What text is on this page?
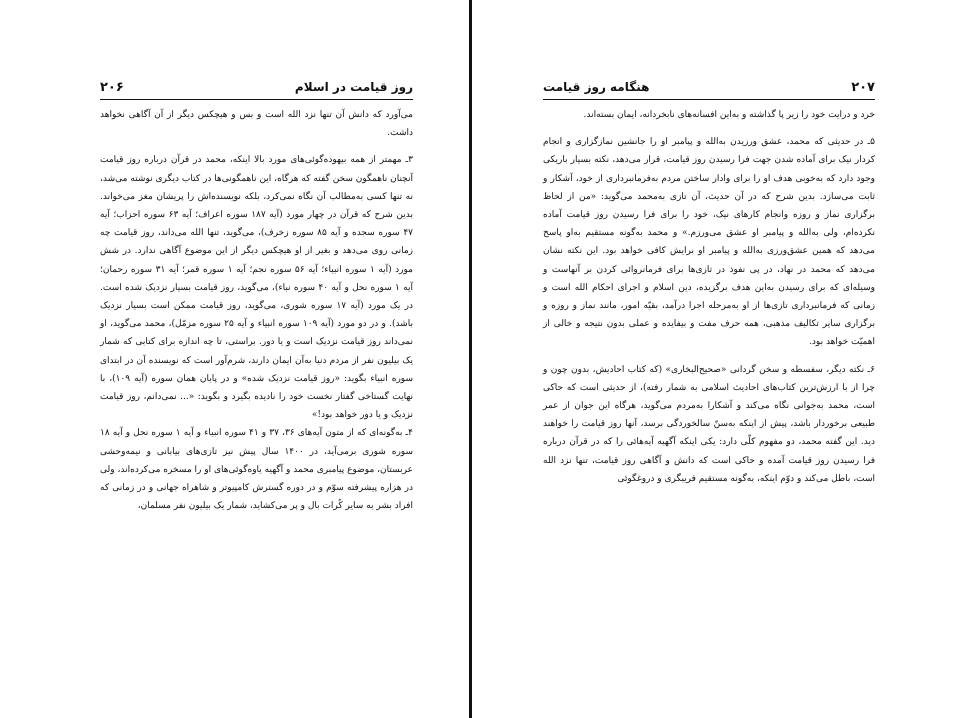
روز قیامت در اسلام
۲۰۶

می‌آورد که دانش آن تنها نزد الله است و بس و هیچکس دیگر از آن آگاهی نخواهد داشت.

۳ـ مهمتر از همه بیهوده‌گوئی‌های مورد بالا اینکه، محمد در قرآن درباره روز قیامت آنچنان ناهمگون سخن گفته که هرگاه، این ناهمگونی‌ها در کتاب دیگری نوشته می‌شد، نه تنها کسی به‌مطالب آن نگاه نمی‌کرد، بلکه نویسنده‌اش را پریشان مغز می‌خواند. بدین شرح که قرآن در چهار مورد (آیه ۱۸۷ سوره اعراف؛ آیه ۶۳ سوره احزاب؛ آیه ۴۷ سوره سجده و آیه ۸۵ سوره زخرف)، می‌گوید، تنها الله می‌داند، روز قیامت چه زمانی روی می‌دهد و بغیر از او هیچکس دیگر از این موضوع آگاهی ندارد. در شش مورد (آیه ۱ سوره انبیاء؛ آیه ۵۶ سوره نجم؛ آیه ۱ سوره قمر؛ آیه ۳۱ سوره رحمان؛ آیه ۱ سوره نحل و آیه ۴۰ سوره نباء)، می‌گوید، روز قیامت بسیار نزدیک شده است. در یک مورد (آیه ۱۷ سوره شوری، می‌گوید، روز قیامت ممکن است بسیار نزدیک باشد). و در دو مورد (آیه ۱۰۹ سوره انبیاء و آیه ۲۵ سوره مزمّل)، محمد می‌گوید، او نمی‌داند روز قیامت نزدیک است و یا دور. براستی، تا چه اندازه برای کتابی که شمار یک بیلیون نفر از مردم دنیا به‌آن ایمان دارند، شرم‌آور است که نویسنده آن در ابتدای سوره انبیاء بگوید: «روز قیامت نزدیک شده» و در پایان همان سوره (آیه ۱۰۹)، با نهایت گستاخی گفتار نخست خود را نادیده بگیرد و بگوید: «... نمی‌دانم، روز قیامت نزدیک و یا دور خواهد بود!»

۴ـ به‌گونه‌ای که از متون آیه‌های ۳۶، ۳۷ و ۴۱ سوره انبیاء و آیه ۱ سوره نحل و آیه ۱۸ سوره شوری برمی‌آید، در ۱۴۰۰ سال پیش نیز تازی‌های بیابانی و نیمه‌وحشی عربستان، موضوع پیامبری محمد و آگهیه یاوه‌گوئی‌های او را مسخره می‌کرده‌اند، ولی در هزاره پیشرفته سوّم و در دوره گسترش کامپیوتر و شاهراه جهانی و در زمانی که افراد بشر به سایر کُرات بال و پر می‌کشاید، شمار یک بیلیون نفر مسلمان،

۲۰۷
هنگامه روز قیامت

خرد و درایت خود را زیر پا گذاشته و به‌این افسانه‌های نابخردانه، ایمان بسته‌اند.

۵ـ در حدیثی که محمد، عشق ورزیدن به‌الله و پیامبر او را جانشین نمازگزاری و انجام کردار نیک برای آماده شدن جهت فرا رسیدن روز قیامت، قرار می‌دهد، نکته بسیار باریکی وجود دارد که به‌خوبی هدف او را برای وادار ساختن مردم به‌فرمانبرداری از خود، آشکار و ثابت می‌سازد. بدین شرح که در آن حدیث، آن تازی به‌محمد می‌گوید: «من از لحاظ برگزاری نماز و روزه وانجام کارهای نیک، خود را برای فرا رسیدن روز قیامت آماده نکرده‌ام، ولی به‌الله و پیامبر او عشق می‌ورزم.» و محمد به‌گونه مستقیم به‌او پاسخ می‌دهد که همین عشق‌ورزی به‌الله و پیامبر او برایش کافی خواهد بود. این نکته نشان می‌دهد که محمد در نهاد، در پی نفوذ در تازی‌ها برای فرمانروائی کردن بر آنهاست و وسیله‌ای که برای رسیدن به‌این هدف برگزیده، دین اسلام و اجرای احکام الله است و زمانی که فرمانبرداری تازی‌ها از او به‌مرحله اجرا درآمد، بقیّه امور، مانند نماز و روزه و برگزاری سایر تکالیف مذهبی، همه حرف مفت و بیفایده و عملی بدون نتیجه و خالی از اهمیّت خواهد بود.

۶ـ نکته دیگر، سفسطه و سخن گردانی «صحیح‌البخاری» (که کتاب احادیش، بدون چون و چرا از با ارزش‌ترین کتاب‌های احادیث اسلامی به شمار رفته)، از حدیثی است که حاکی است، محمد به‌جوانی نگاه می‌کند و آشکارا به‌مردم می‌گوید، هرگاه این جوان از عمر طبیعی برخوردار باشد، پیش از اینکه به‌سنّ سالخوردگی برسد، آنها روز قیامت را خواهند دید. این گفته محمد، دو مفهوم کلّی دارد: یکی اینکه آگهیه آیه‌هائی را که در قرآن درباره فرا رسیدن روز قیامت آمده و حاکی است که دانش و آگاهی روز قیامت، تنها نزد الله است، باطل می‌کند و دوّم اینکه، به‌گونه مستقیم فریبگری و دروغگوئی
